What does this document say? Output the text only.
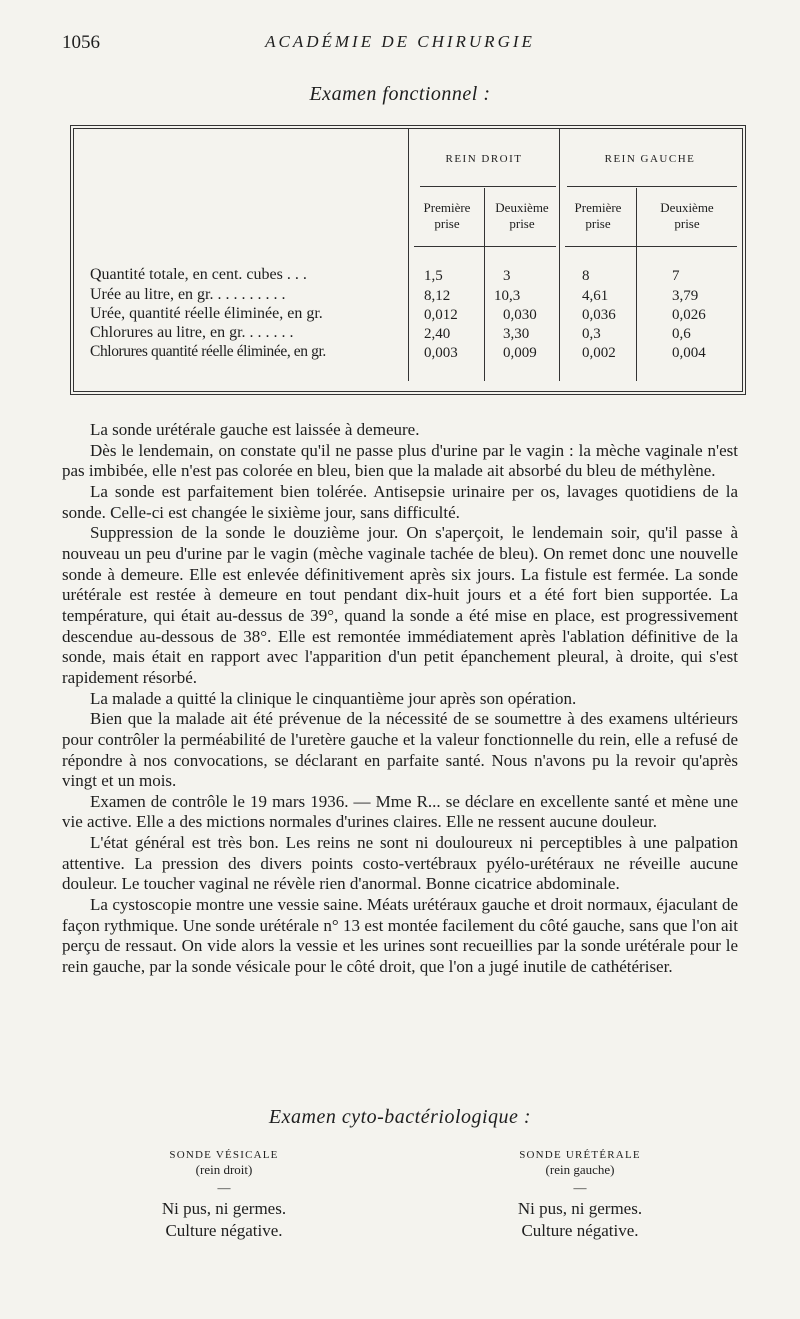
1056	ACADÉMIE DE CHIRURGIE
Examen fonctionnel :
REIN DROIT	REIN GAUCHE
Première prise
Deuxième prise
Première prise
Deuxième prise
Quantité totale, en cent. cubes . . .	1,5	3	8	7
Urée au litre, en gr. . . . . . . . . .	8,12	10,3	4,61	3,79
Urée, quantité réelle éliminée, en gr.	0,012	0,030	0,036	0,026
Chlorures au litre, en gr. . . . . . .	2,40	3,30	0,3	0,6
Chlorures quantité réelle éliminée, en gr.	0,003	0,009	0,002	0,004

La sonde urétérale gauche est laissée à demeure.

Dès le lendemain, on constate qu'il ne passe plus d'urine par le vagin : la mèche vaginale n'est pas imbibée, elle n'est pas colorée en bleu, bien que la malade ait absorbé du bleu de méthylène.

La sonde est parfaitement bien tolérée. Antisepsie urinaire per os, lavages quotidiens de la sonde. Celle-ci est changée le sixième jour, sans difficulté.

Suppression de la sonde le douzième jour. On s'aperçoit, le lendemain soir, qu'il passe à nouveau un peu d'urine par le vagin (mèche vaginale tachée de bleu). On remet donc une nouvelle sonde à demeure. Elle est enlevée définitivement après six jours. La fistule est fermée. La sonde urétérale est restée à demeure en tout pendant dix-huit jours et a été fort bien supportée. La température, qui était au-dessus de 39°, quand la sonde a été mise en place, est progressivement descendue au-dessous de 38°. Elle est remontée immédiatement après l'ablation définitive de la sonde, mais était en rapport avec l'apparition d'un petit épanchement pleural, à droite, qui s'est rapidement résorbé.

La malade a quitté la clinique le cinquantième jour après son opération.

Bien que la malade ait été prévenue de la nécessité de se soumettre à des examens ultérieurs pour contrôler la perméabilité de l'uretère gauche et la valeur fonctionnelle du rein, elle a refusé de répondre à nos convocations, se déclarant en parfaite santé. Nous n'avons pu la revoir qu'après vingt et un mois.

Examen de contrôle le 19 mars 1936. — Mme R... se déclare en excellente santé et mène une vie active. Elle a des mictions normales d'urines claires. Elle ne ressent aucune douleur.

L'état général est très bon. Les reins ne sont ni douloureux ni perceptibles à une palpation attentive. La pression des divers points costo-vertébraux pyélo-urétéraux ne réveille aucune douleur. Le toucher vaginal ne révèle rien d'anormal. Bonne cicatrice abdominale.

La cystoscopie montre une vessie saine. Méats urétéraux gauche et droit normaux, éjaculant de façon rythmique. Une sonde urétérale n° 13 est montée facilement du côté gauche, sans que l'on ait perçu de ressaut. On vide alors la vessie et les urines sont recueillies par la sonde urétérale pour le rein gauche, par la sonde vésicale pour le côté droit, que l'on a jugé inutile de cathétériser.

Examen cyto-bactériologique :
SONDE VÉSICALE
(rein droit)
—
Ni pus, ni germes.
Culture négative.
SONDE URÉTÉRALE
(rein gauche)
—
Ni pus, ni germes.
Culture négative.
